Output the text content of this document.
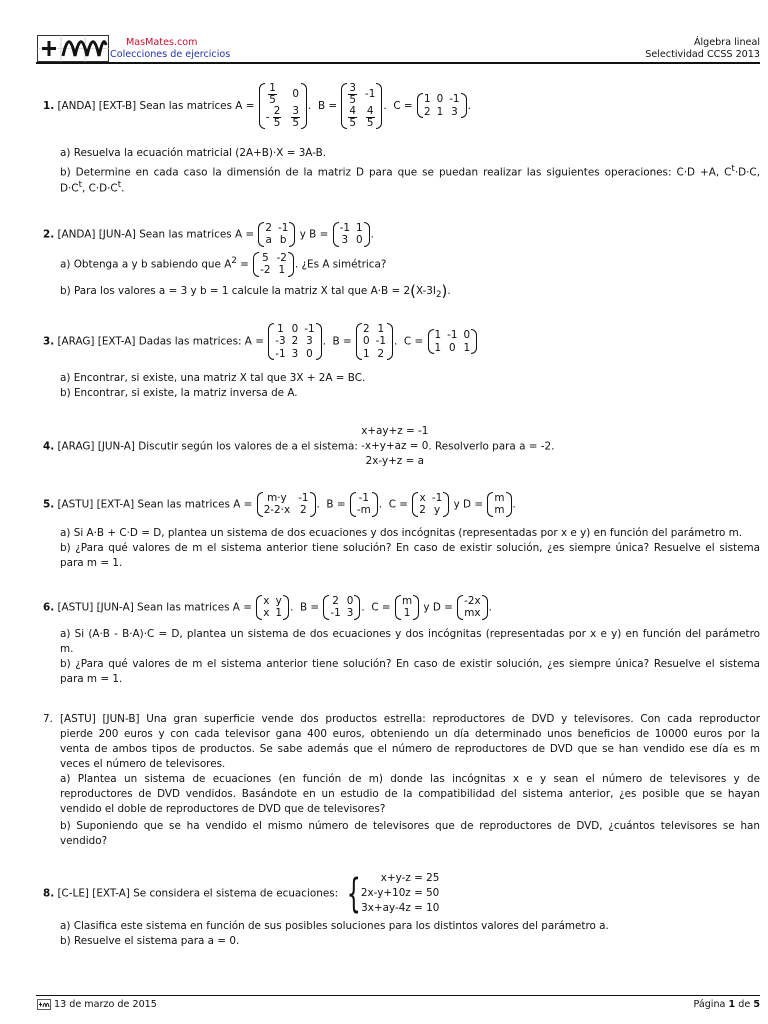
MasMates.com
Colecciones de ejercicios
Álgebra lineal
Selectividad CCSS 2013
1. [ANDA] [EXT-B] Sean las matrices $A = \frac{1}{5} 0$
- $\frac{2}{5} \frac{3}{5}$ .  $B = \frac{3}{5} -1$
$\frac{4}{5} \frac{4}{5}$ .  C =
1 0 -1
2 1 3 .
a) Resuelva la ecuación matricial (2A+B)·X = 3A-B.
b) Determine en cada caso la dimensión de la matriz D para que se puedan realizar las siguientes operaciones: C·D +A, $C^t\cdot D\cdot C$,
$D\cdot C^t$, $C\cdot D\cdot C^t$.
2. [ANDA] [JUN-A] Sean las matrices A =
2 -1
a b y B =
-1 1
3 0 .
a) Obtenga a y b sabiendo que $A^2$ =
5 -2
-2 1 . ¿Es A simétrica?
b) Para los valores a = 3 y b = 1 calcule la matriz X tal que $A\cdot B = 2(X-3I_2)$.
3. [ARAG] [EXT-A] Dadas las matrices: A =
1 0 -1
-3 2 3
-1 3 0
.  B =
2 1
0 -1
1 2
.  C =
1 -1 0
1 0 1
a) Encontrar, si existe, una matriz X tal que 3X + 2A = BC.
b) Encontrar, si existe, la matriz inversa de A.
4. [ARAG] [JUN-A] Discutir según los valores de a el sistema: x+ay+z = -1
-x+y+az = 0
2x-y+z = a. Resolverlo para a = -2.
5. [ASTU] [EXT-A] Sean las matrices A =
m·y	-1
2-2·x 2 .  B =
-1
-m .  C =
x -1
2 y y D =
m
m .
a) Si A·B + C·D = D, plantea un sistema de dos ecuaciones y dos incógnitas (representadas por x e y) en función del parámetro m.
b) ¿Para qué valores de m el sistema anterior tiene solución? En caso de existir solución, ¿es siempre única? Resuelve el sistema
para m = 1.
6. [ASTU] [JUN-A] Sean las matrices A =
x y
x 1 .  B =
2 0
-1 3 .  C =
m
1 y D =
-2x
mx .
a) Si (A·B - B·A)·C = D, plantea un sistema de dos ecuaciones y dos incógnitas (representadas por x e y) en función del parámetro
m.
b) ¿Para qué valores de m el sistema anterior tiene solución? En caso de existir solución, ¿es siempre única? Resuelve el sistema
para m = 1.
7. [ASTU] [JUN-B] Una gran superficie vende dos productos estrella: reproductores de DVD y televisores. Con cada reproductor
pierde 200 euros y con cada televisor gana 400 euros, obteniendo un día determinado unos beneficios de 10000 euros por la
venta de ambos tipos de productos. Se sabe además que el número de reproductores de DVD que se han vendido ese día es m
veces el número de televisores.
a) Plantea un sistema de ecuaciones (en función de m) donde las incógnitas x e y sean el número de televisores y de
reproductores de DVD vendidos. Basándote en un estudio de la compatibilidad del sistema anterior, ¿es posible que se hayan
vendido el doble de reproductores de DVD que de televisores?
b) Suponiendo que se ha vendido el mismo número de televisores que de reproductores de DVD, ¿cuántos televisores se han
vendido?
8. [C-LE] [EXT-A] Se considera el sistema de ecuaciones: { x+y-z = 25
2x-y+10z = 50
3x+ay-4z = 10
a) Clasifica este sistema en función de sus posibles soluciones para los distintos valores del parámetro a.
b) Resuelve el sistema para a = 0.
13 de marzo de 2015	Página 1 de 5
